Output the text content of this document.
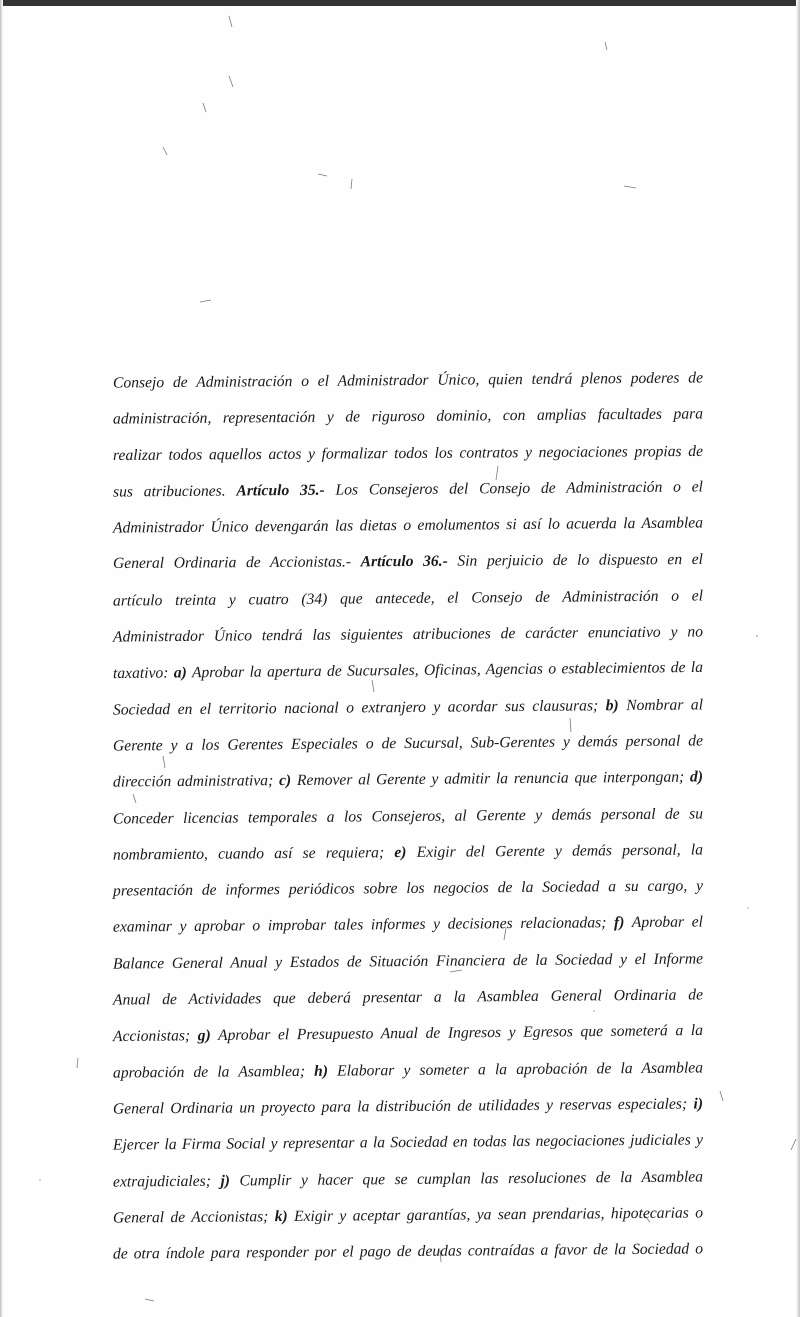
Consejo de Administración o el Administrador Único, quien tendrá plenos poderes de
administración, representación y de riguroso dominio, con amplias facultades para
realizar todos aquellos actos y formalizar todos los contratos y negociaciones propias de
sus atribuciones. Artículo 35.- Los Consejeros del Consejo de Administración o el
Administrador Único devengarán las dietas o emolumentos si así lo acuerda la Asamblea
General Ordinaria de Accionistas.- Artículo 36.- Sin perjuicio de lo dispuesto en el
artículo treinta y cuatro (34) que antecede, el Consejo de Administración o el
Administrador Único tendrá las siguientes atribuciones de carácter enunciativo y no
taxativo: a) Aprobar la apertura de Sucursales, Oficinas, Agencias o establecimientos de la
Sociedad en el territorio nacional o extranjero y acordar sus clausuras; b) Nombrar al
Gerente y a los Gerentes Especiales o de Sucursal, Sub-Gerentes y demás personal de
dirección administrativa; c) Remover al Gerente y admitir la renuncia que interpongan; d)
Conceder licencias temporales a los Consejeros, al Gerente y demás personal de su
nombramiento, cuando así se requiera; e) Exigir del Gerente y demás personal, la
presentación de informes periódicos sobre los negocios de la Sociedad a su cargo, y
examinar y aprobar o improbar tales informes y decisiones relacionadas; f) Aprobar el
Balance General Anual y Estados de Situación Financiera de la Sociedad y el Informe
Anual de Actividades que deberá presentar a la Asamblea General Ordinaria de
Accionistas; g) Aprobar el Presupuesto Anual de Ingresos y Egresos que someterá a la
aprobación de la Asamblea; h) Elaborar y someter a la aprobación de la Asamblea
General Ordinaria un proyecto para la distribución de utilidades y reservas especiales; i)
Ejercer la Firma Social y representar a la Sociedad en todas las negociaciones judiciales y
extrajudiciales; j) Cumplir y hacer que se cumplan las resoluciones de la Asamblea
General de Accionistas; k) Exigir y aceptar garantías, ya sean prendarias, hipotecarias o
de otra índole para responder por el pago de deudas contraídas a favor de la Sociedad o
